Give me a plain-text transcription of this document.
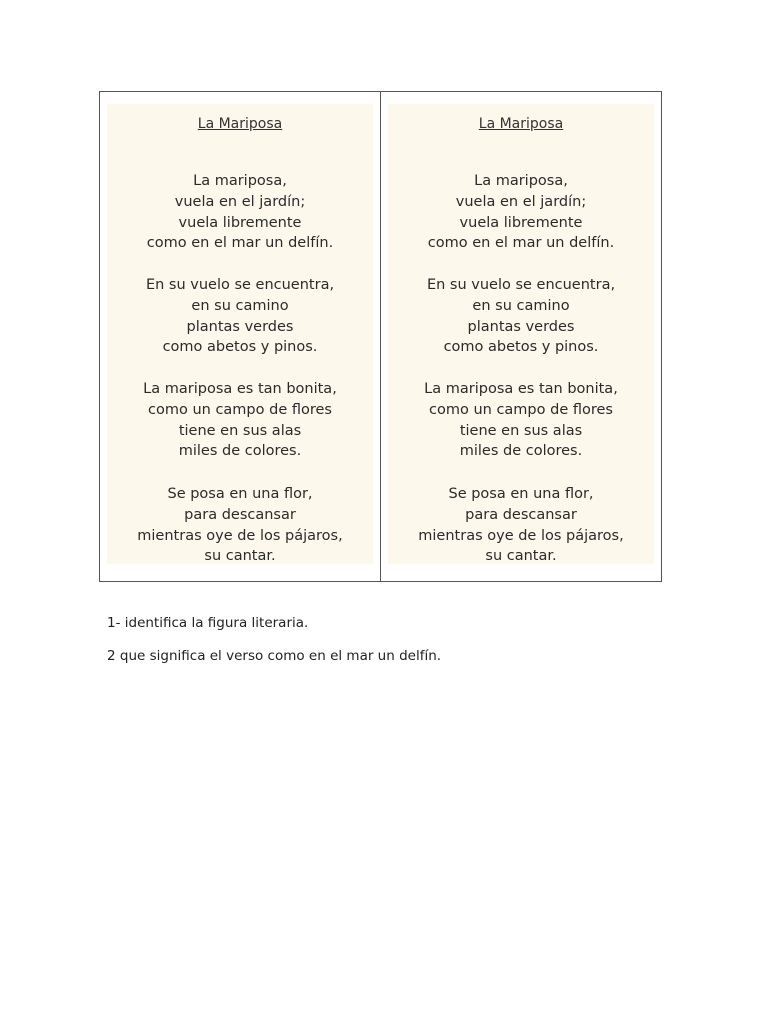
La Mariposa

La mariposa,
vuela en el jardín;
vuela libremente
como en el mar un delfín.

En su vuelo se encuentra,
en su camino
plantas verdes
como abetos y pinos.

La mariposa es tan bonita,
como un campo de flores
tiene en sus alas
miles de colores.

Se posa en una flor,
para descansar
mientras oye de los pájaros,
su cantar.

La Mariposa

La mariposa,
vuela en el jardín;
vuela libremente
como en el mar un delfín.

En su vuelo se encuentra,
en su camino
plantas verdes
como abetos y pinos.

La mariposa es tan bonita,
como un campo de flores
tiene en sus alas
miles de colores.

Se posa en una flor,
para descansar
mientras oye de los pájaros,
su cantar.

1- identifica la figura literaria.
2 que significa el verso como en el mar un delfín.
